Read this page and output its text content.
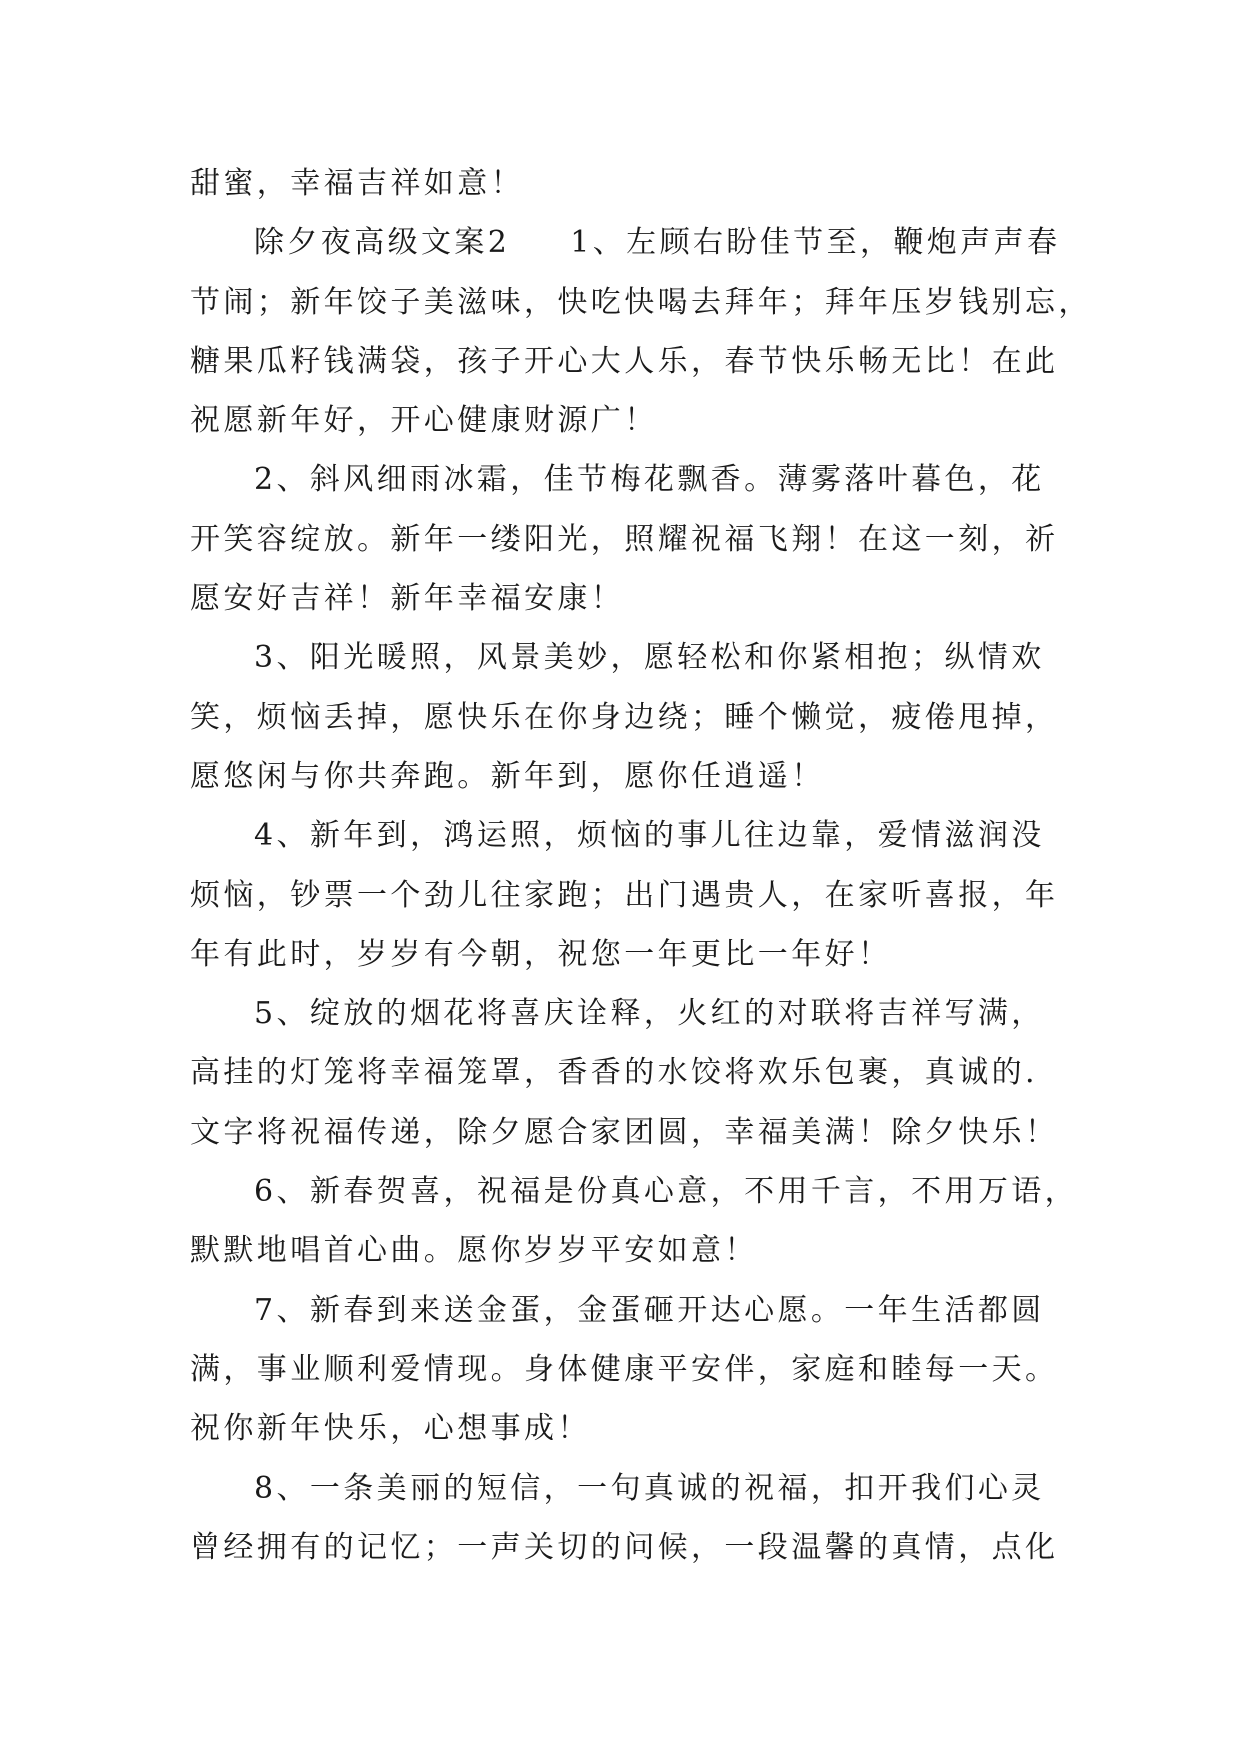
甜蜜，幸福吉祥如意！
除夕夜高级文案2 1、左顾右盼佳节至，鞭炮声声春
节闹；新年饺子美滋味，快吃快喝去拜年；拜年压岁钱别忘，
糖果瓜籽钱满袋，孩子开心大人乐，春节快乐畅无比！在此
祝愿新年好，开心健康财源广！
2、斜风细雨冰霜，佳节梅花飘香。薄雾落叶暮色，花
开笑容绽放。新年一缕阳光，照耀祝福飞翔！在这一刻，祈
愿安好吉祥！新年幸福安康！
3、阳光暖照，风景美妙，愿轻松和你紧相抱；纵情欢
笑，烦恼丢掉，愿快乐在你身边绕；睡个懒觉，疲倦甩掉，
愿悠闲与你共奔跑。新年到，愿你任逍遥！
4、新年到，鸿运照，烦恼的事儿往边靠，爱情滋润没
烦恼，钞票一个劲儿往家跑；出门遇贵人，在家听喜报，年
年有此时，岁岁有今朝，祝您一年更比一年好！
5、绽放的烟花将喜庆诠释，火红的对联将吉祥写满，
高挂的灯笼将幸福笼罩，香香的水饺将欢乐包裹，真诚的.
文字将祝福传递，除夕愿合家团圆，幸福美满！除夕快乐！
6、新春贺喜，祝福是份真心意，不用千言，不用万语，
默默地唱首心曲。愿你岁岁平安如意！
7、新春到来送金蛋，金蛋砸开达心愿。一年生活都圆
满，事业顺利爱情现。身体健康平安伴，家庭和睦每一天。
祝你新年快乐，心想事成！
8、一条美丽的短信，一句真诚的祝福，扣开我们心灵
曾经拥有的记忆；一声关切的问候，一段温馨的真情，点化
